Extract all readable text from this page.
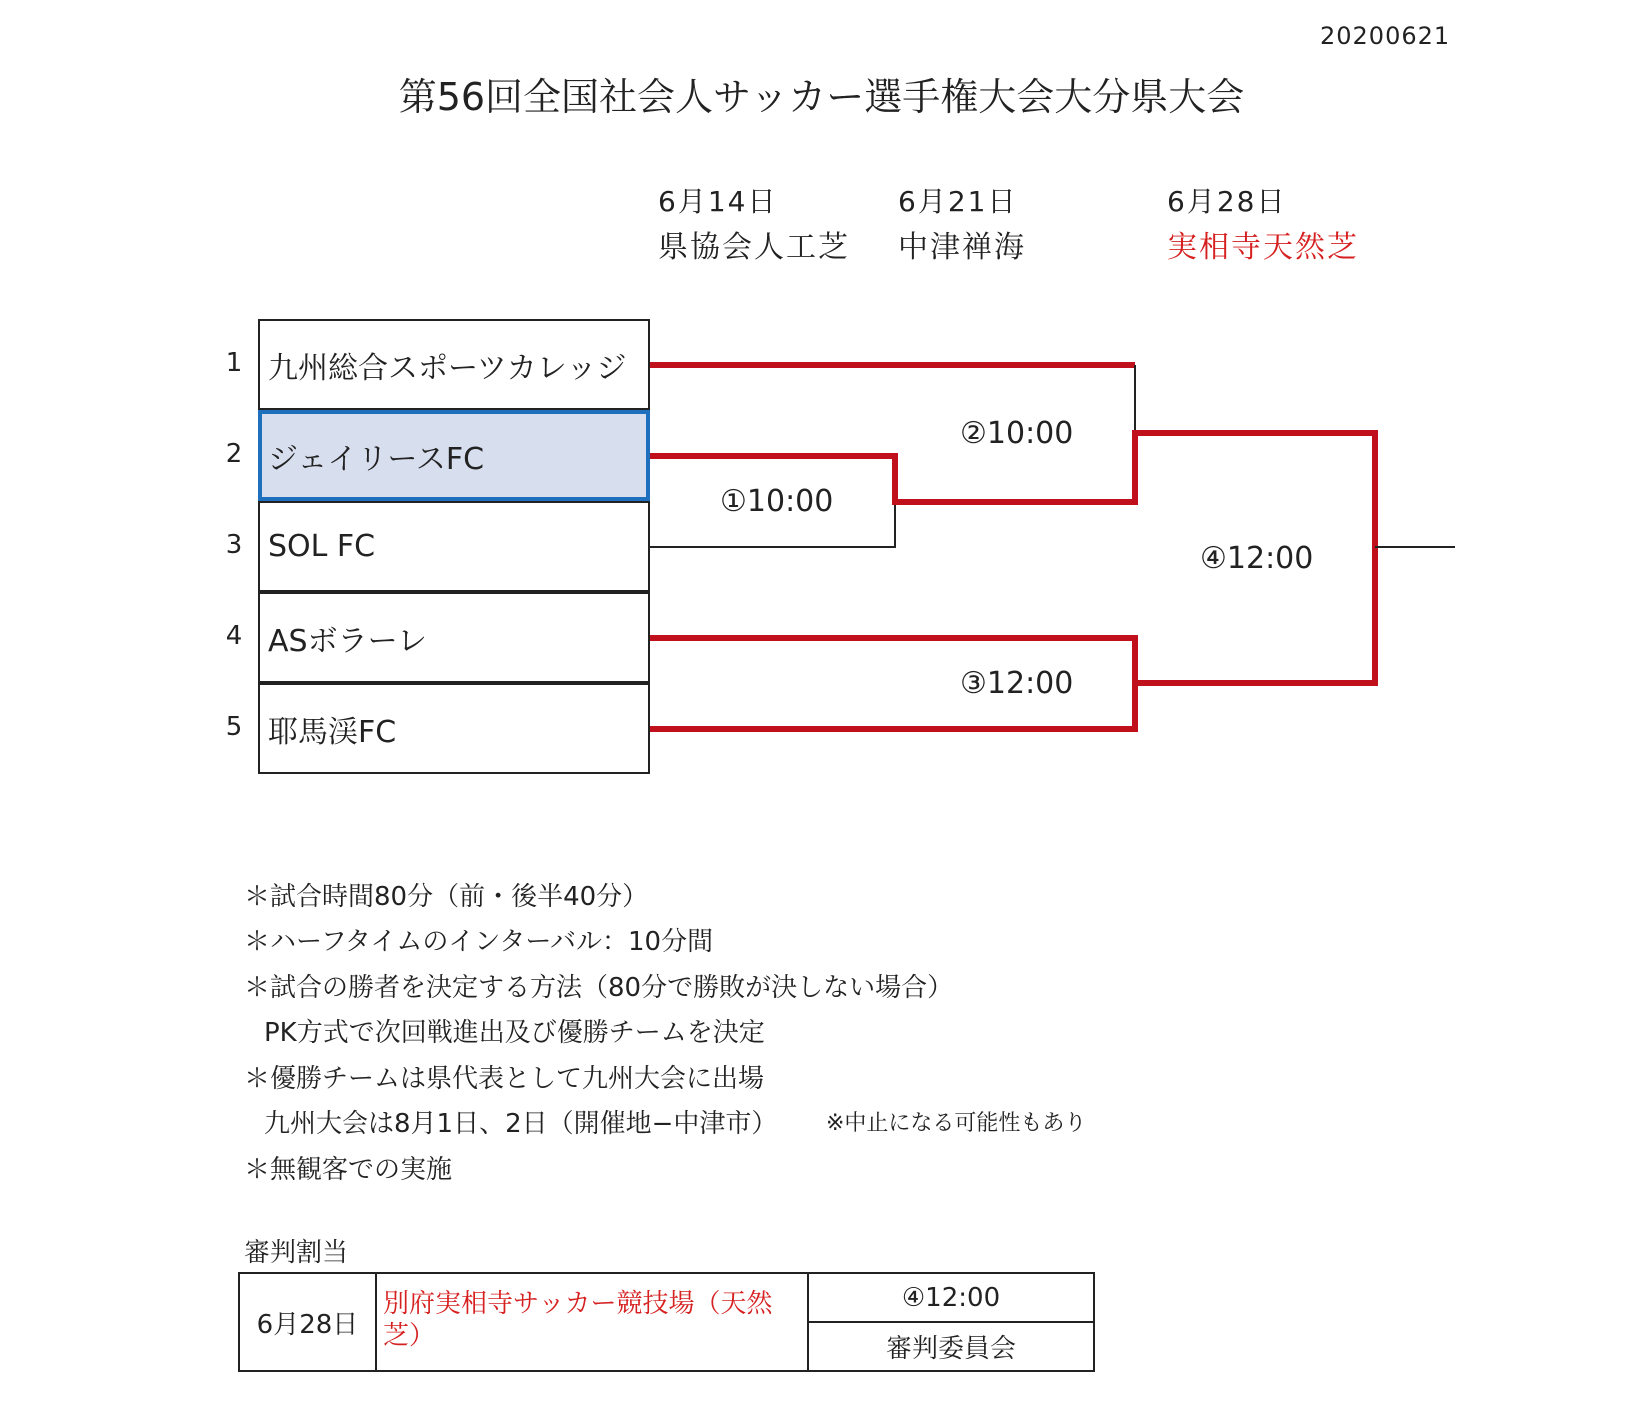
20200621
第56回全国社会人サッカー選手権大会大分県大会
6月14日
県協会人工芝
6月21日
中津禅海
6月28日
実相寺天然芝
1
2
3
4
5
九州総合スポーツカレッジ
ジェイリースFC
SOL FC
ASボラーレ
耶馬渓FC
①10:00
②10:00
③12:00
④12:00
＊試合時間80分（前・後半40分）
＊ハーフタイムのインターバル：10分間
＊試合の勝者を決定する方法（80分で勝敗が決しない場合）
PK方式で次回戦進出及び優勝チームを決定
＊優勝チームは県代表として九州大会に出場
九州大会は8月1日、2日（開催地−中津市） ※中止になる可能性もあり
＊無観客での実施
審判割当
6月28日	別府実相寺サッカー競技場（天然芝）	④12:00
審判委員会
